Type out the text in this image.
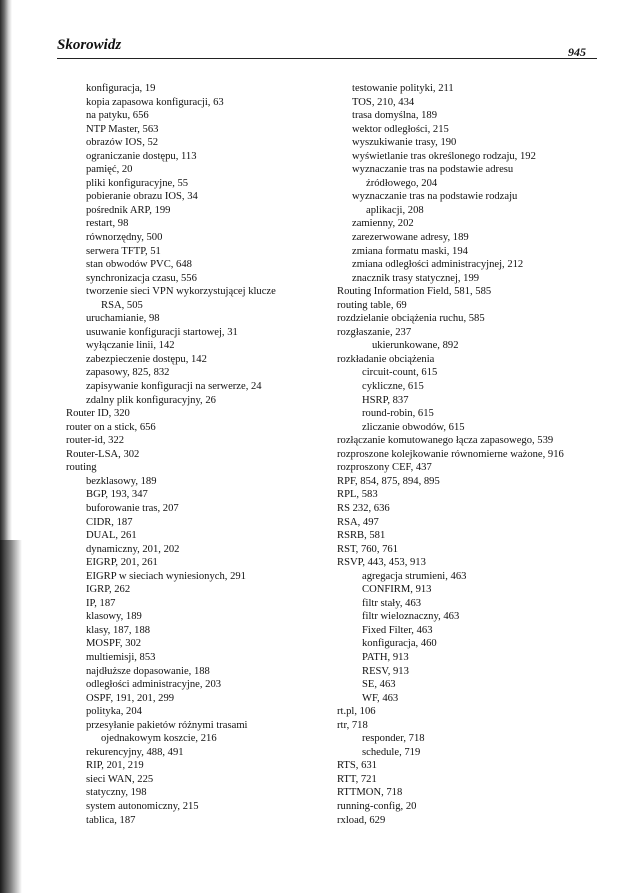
Skorowidz	945
konfiguracja, 19
kopia zapasowa konfiguracji, 63
na patyku, 656
NTP Master, 563
obrazów IOS, 52
ograniczanie dostępu, 113
pamięć, 20
pliki konfiguracyjne, 55
pobieranie obrazu IOS, 34
pośrednik ARP, 199
restart, 98
równorzędny, 500
serwera TFTP, 51
stan obwodów PVC, 648
synchronizacja czasu, 556
tworzenie sieci VPN wykorzystującej klucze
RSA, 505
uruchamianie, 98
usuwanie konfiguracji startowej, 31
wyłączanie linii, 142
zabezpieczenie dostępu, 142
zapasowy, 825, 832
zapisywanie konfiguracji na serwerze, 24
zdalny plik konfiguracyjny, 26
Router ID, 320
router on a stick, 656
router-id, 322
Router-LSA, 302
routing
bezklasowy, 189
BGP, 193, 347
buforowanie tras, 207
CIDR, 187
DUAL, 261
dynamiczny, 201, 202
EIGRP, 201, 261
EIGRP w sieciach wyniesionych, 291
IGRP, 262
IP, 187
klasowy, 189
klasy, 187, 188
MOSPF, 302
multiemisji, 853
najdłuższe dopasowanie, 188
odległości administracyjne, 203
OSPF, 191, 201, 299
polityka, 204
przesyłanie pakietów różnymi trasami
ojednakowym koszcie, 216
rekurencyjny, 488, 491
RIP, 201, 219
sieci WAN, 225
statyczny, 198
system autonomiczny, 215
tablica, 187
testowanie polityki, 211
TOS, 210, 434
trasa domyślna, 189
wektor odległości, 215
wyszukiwanie trasy, 190
wyświetlanie tras określonego rodzaju, 192
wyznaczanie tras na podstawie adresu
źródłowego, 204
wyznaczanie tras na podstawie rodzaju
aplikacji, 208
zamienny, 202
zarezerwowane adresy, 189
zmiana formatu maski, 194
zmiana odległości administracyjnej, 212
znacznik trasy statycznej, 199
Routing Information Field, 581, 585
routing table, 69
rozdzielanie obciążenia ruchu, 585
rozgłaszanie, 237
ukierunkowane, 892
rozkładanie obciążenia
circuit-count, 615
cykliczne, 615
HSRP, 837
round-robin, 615
zliczanie obwodów, 615
rozłączanie komutowanego łącza zapasowego, 539
rozproszone kolejkowanie równomierne ważone, 916
rozproszony CEF, 437
RPF, 854, 875, 894, 895
RPL, 583
RS 232, 636
RSA, 497
RSRB, 581
RST, 760, 761
RSVP, 443, 453, 913
agregacja strumieni, 463
CONFIRM, 913
filtr stały, 463
filtr wieloznaczny, 463
Fixed Filter, 463
konfiguracja, 460
PATH, 913
RESV, 913
SE, 463
WF, 463
rt.pl, 106
rtr, 718
responder, 718
schedule, 719
RTS, 631
RTT, 721
RTTMON, 718
running-config, 20
rxload, 629
